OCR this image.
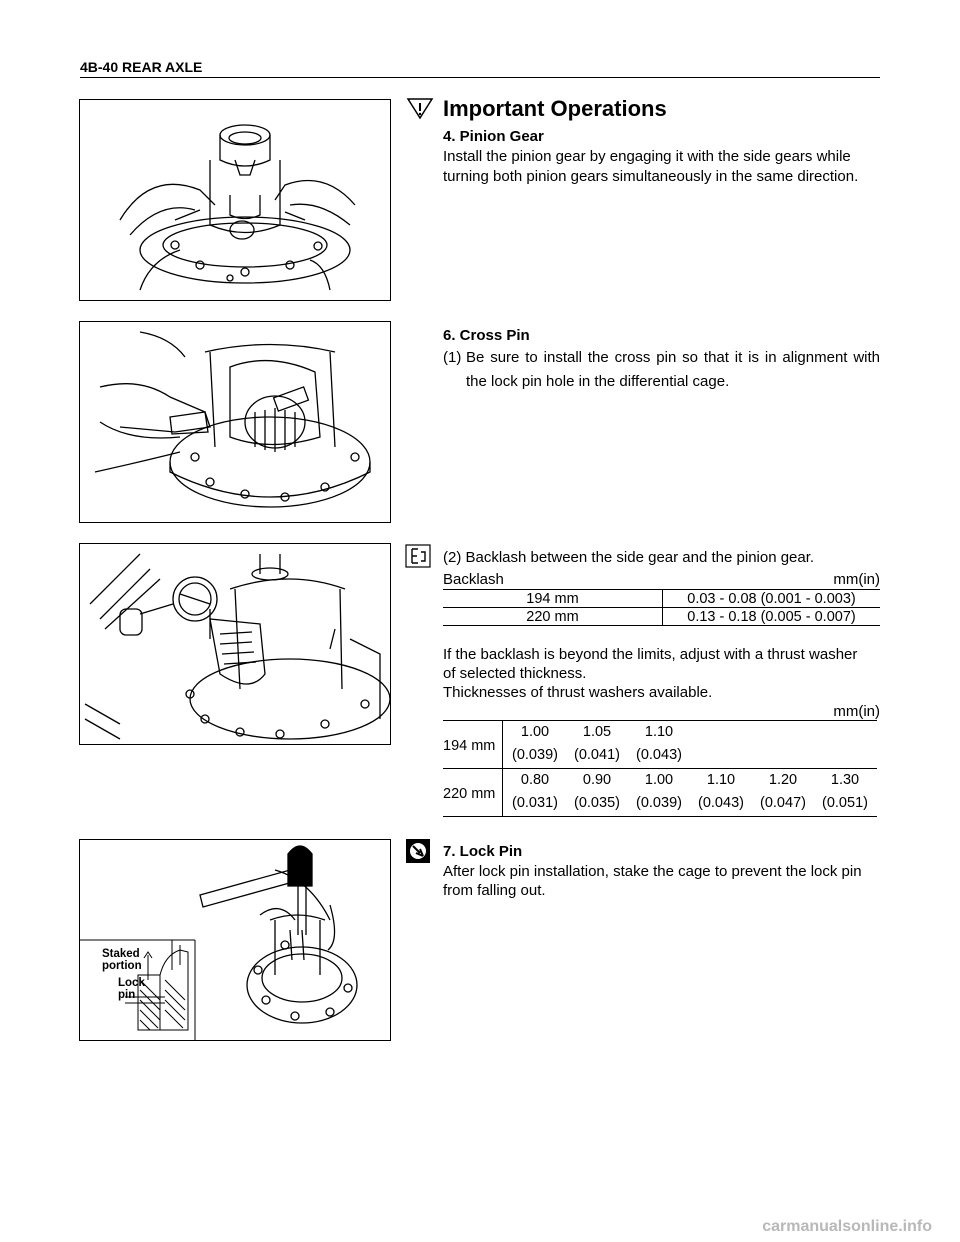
4B-40 REAR AXLE
Important Operations
4. Pinion Gear
Install the pinion gear by engaging it with the side gears while
turning both pinion gears simultaneously in the same direction.
6. Cross Pin
(1) Be sure to install the cross pin so that it is in alignment with
the lock pin hole in the differential cage.
(2) Backlash between the side gear and the pinion gear.
Backlash	mm(in)
194 mm	0.03 - 0.08 (0.001 - 0.003)
220 mm	0.13 - 0.18 (0.005 - 0.007)
If the backlash is beyond the limits, adjust with a thrust washer
of selected thickness.
Thicknesses of thrust washers available.
mm(in)
194 mm
1.00	1.05	1.10
(0.039)	(0.041)	(0.043)
220 mm
0.80	0.90	1.00	1.10	1.20	1.30
(0.031)	(0.035)	(0.039)	(0.043)	(0.047)	(0.051)
Staked
portion
Lock
pin
7. Lock Pin
After lock pin installation, stake the cage to prevent the lock pin
from falling out.
carmanualsonline.info
